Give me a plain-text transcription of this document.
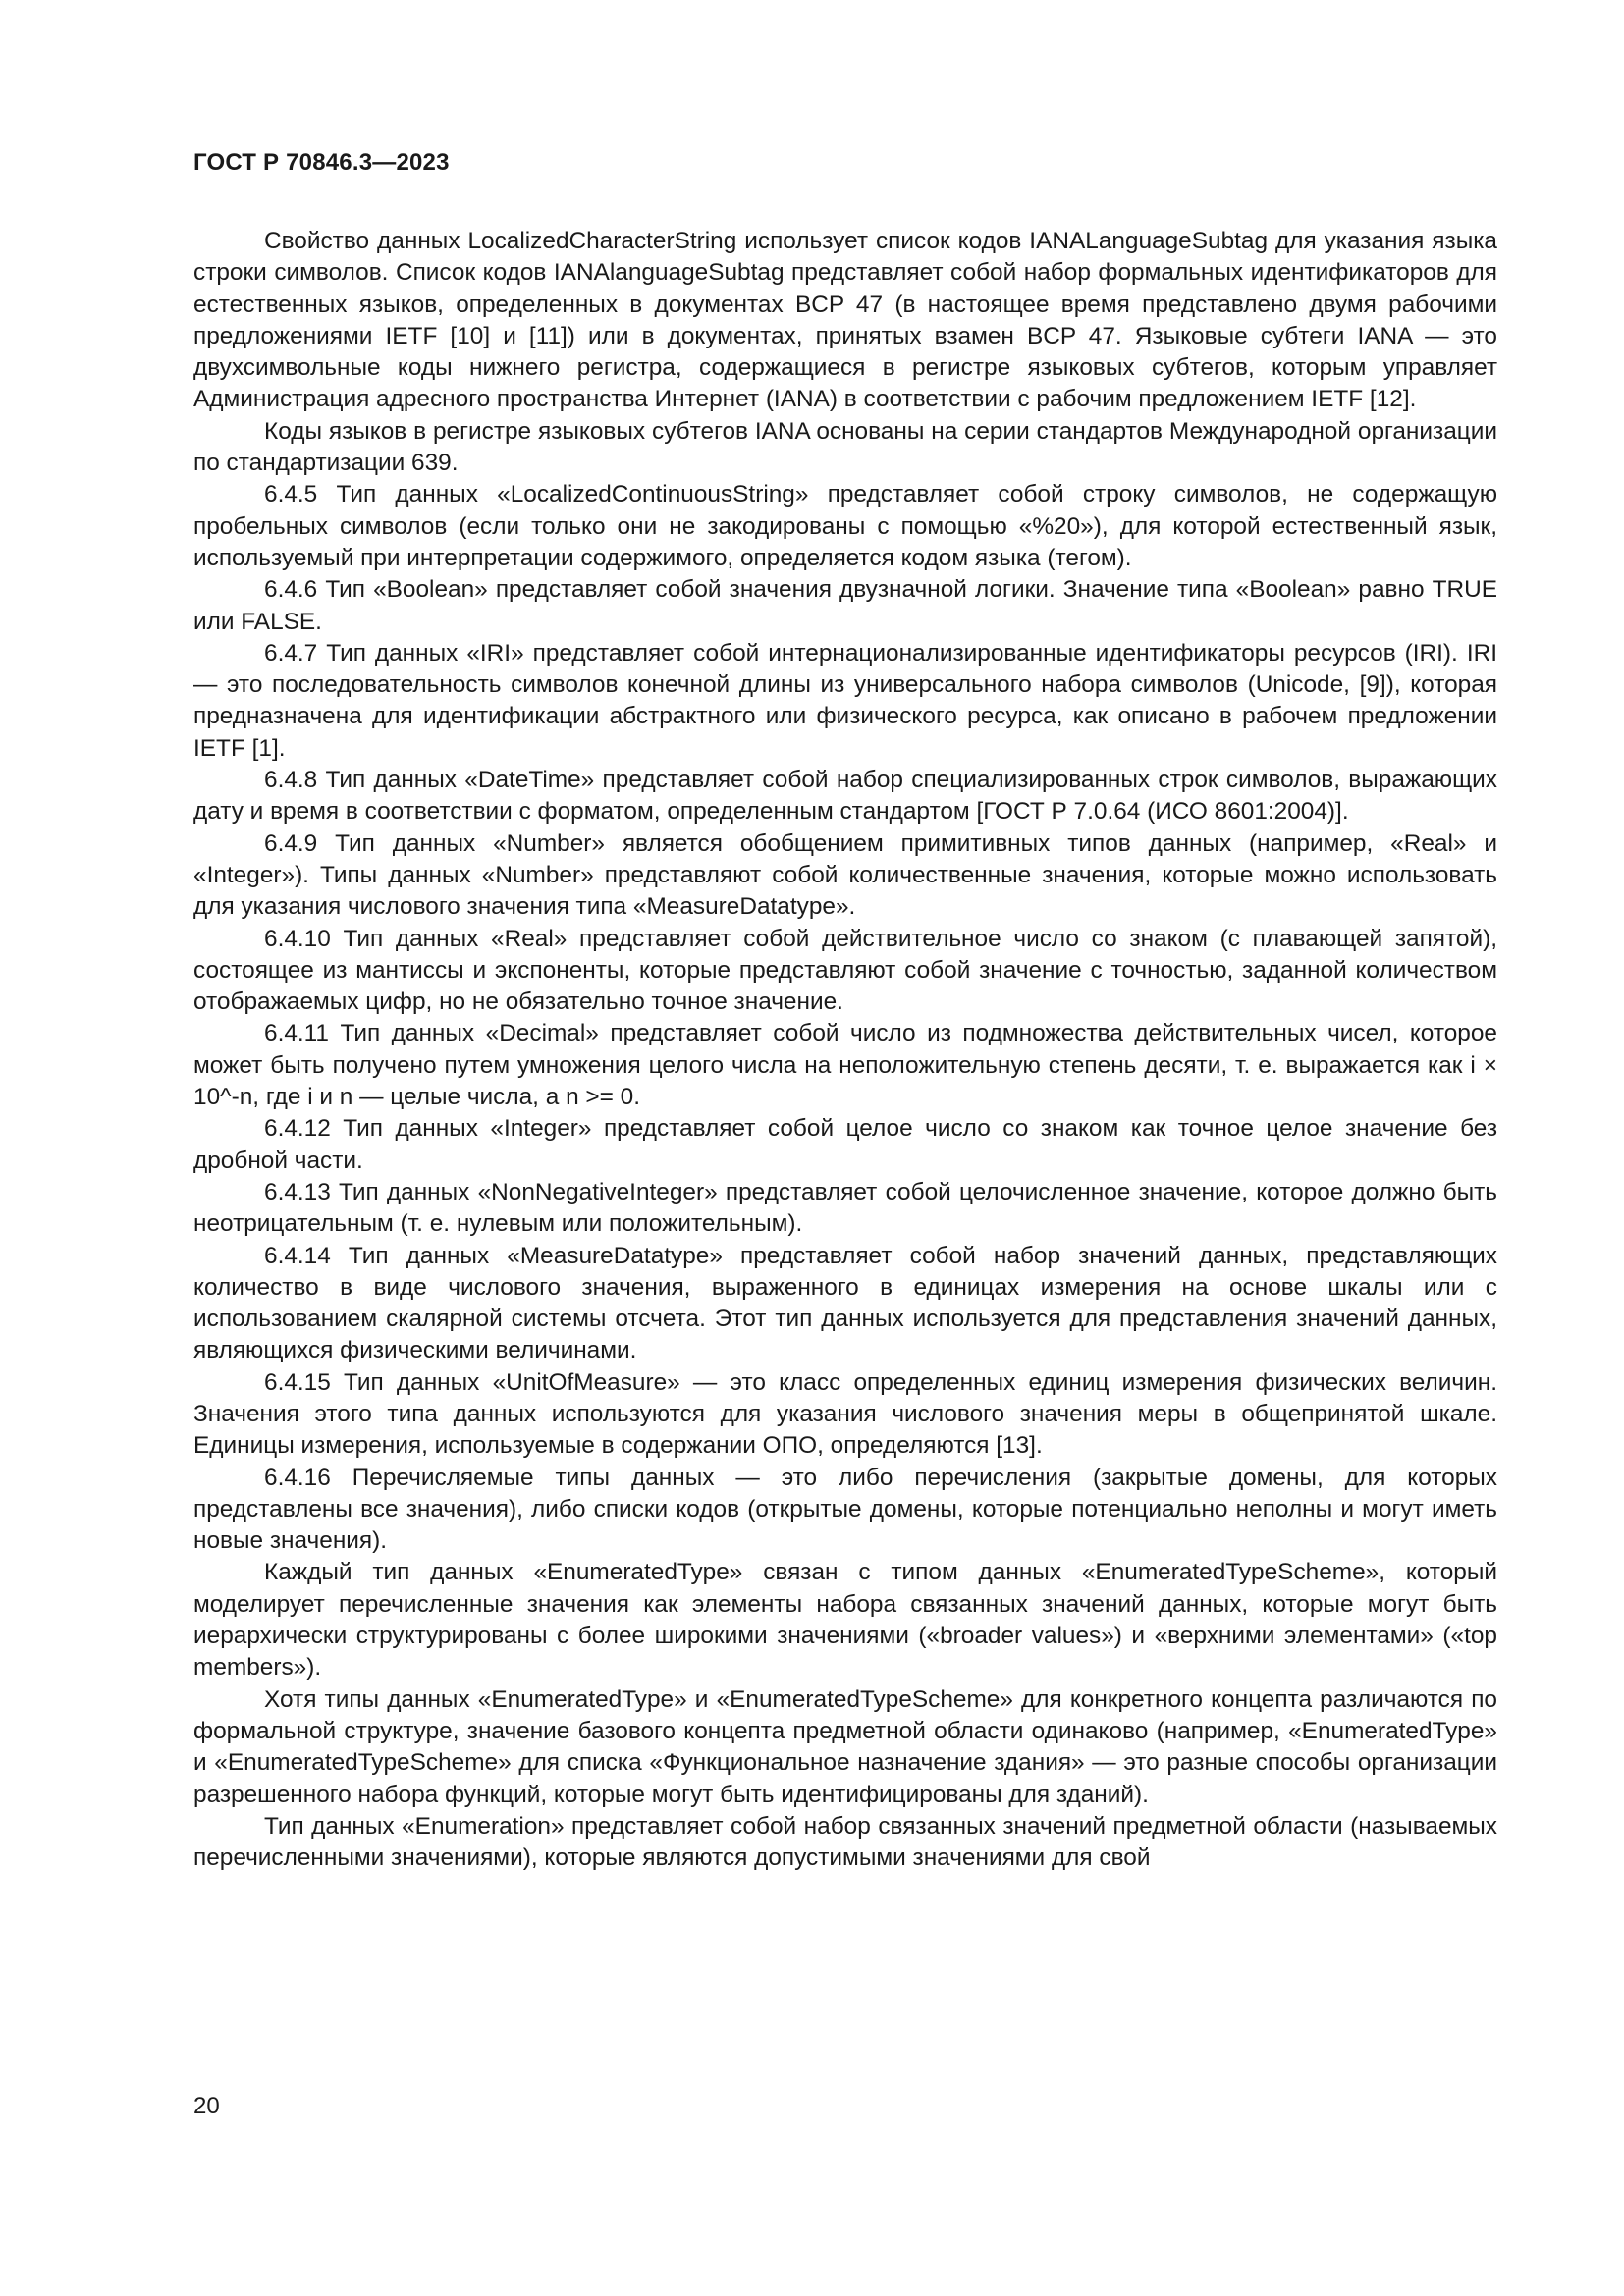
ГОСТ Р 70846.3—2023

Свойство данных LocalizedCharacterString использует список кодов IANALanguageSubtag для указания языка строки символов. Список кодов IANAlanguageSubtag представляет собой набор формальных идентификаторов для естественных языков, определенных в документах BCP 47 (в настоящее время представлено двумя рабочими предложениями IETF [10] и [11]) или в документах, принятых взамен BCP 47. Языковые субтеги IANA — это двухсимвольные коды нижнего регистра, содержащиеся в регистре языковых субтегов, которым управляет Администрация адресного пространства Интернет (IANA) в соответствии с рабочим предложением IETF [12].

Коды языков в регистре языковых субтегов IANA основаны на серии стандартов Международной организации по стандартизации 639.

6.4.5 Тип данных «LocalizedContinuousString» представляет собой строку символов, не содержащую пробельных символов (если только они не закодированы с помощью «%20»), для которой естественный язык, используемый при интерпретации содержимого, определяется кодом языка (тегом).

6.4.6 Тип «Boolean» представляет собой значения двузначной логики. Значение типа «Boolean» равно TRUE или FALSE.

6.4.7 Тип данных «IRI» представляет собой интернационализированные идентификаторы ресурсов (IRI). IRI — это последовательность символов конечной длины из универсального набора символов (Unicode, [9]), которая предназначена для идентификации абстрактного или физического ресурса, как описано в рабочем предложении IETF [1].

6.4.8 Тип данных «DateTime» представляет собой набор специализированных строк символов, выражающих дату и время в соответствии с форматом, определенным стандартом [ГОСТ Р 7.0.64 (ИСО 8601:2004)].

6.4.9 Тип данных «Number» является обобщением примитивных типов данных (например, «Real» и «Integer»). Типы данных «Number» представляют собой количественные значения, которые можно использовать для указания числового значения типа «MeasureDatatype».

6.4.10 Тип данных «Real» представляет собой действительное число со знаком (с плавающей запятой), состоящее из мантиссы и экспоненты, которые представляют собой значение с точностью, заданной количеством отображаемых цифр, но не обязательно точное значение.

6.4.11 Тип данных «Decimal» представляет собой число из подмножества действительных чисел, которое может быть получено путем умножения целого числа на неположительную степень десяти, т. е. выражается как i × 10^-n, где i и n — целые числа, а n >= 0.

6.4.12 Тип данных «Integer» представляет собой целое число со знаком как точное целое значение без дробной части.

6.4.13 Тип данных «NonNegativeInteger» представляет собой целочисленное значение, которое должно быть неотрицательным (т. е. нулевым или положительным).

6.4.14 Тип данных «MeasureDatatype» представляет собой набор значений данных, представляющих количество в виде числового значения, выраженного в единицах измерения на основе шкалы или с использованием скалярной системы отсчета. Этот тип данных используется для представления значений данных, являющихся физическими величинами.

6.4.15 Тип данных «UnitOfMeasure» — это класс определенных единиц измерения физических величин. Значения этого типа данных используются для указания числового значения меры в общепринятой шкале. Единицы измерения, используемые в содержании ОПО, определяются [13].

6.4.16 Перечисляемые типы данных — это либо перечисления (закрытые домены, для которых представлены все значения), либо списки кодов (открытые домены, которые потенциально неполны и могут иметь новые значения).

Каждый тип данных «EnumeratedType» связан с типом данных «EnumeratedTypeScheme», который моделирует перечисленные значения как элементы набора связанных значений данных, которые могут быть иерархически структурированы с более широкими значениями («broader values») и «верхними элементами» («top members»).

Хотя типы данных «EnumeratedType» и «EnumeratedTypeScheme» для конкретного концепта различаются по формальной структуре, значение базового концепта предметной области одинаково (например, «EnumeratedType» и «EnumeratedTypeScheme» для списка «Функциональное назначение здания» — это разные способы организации разрешенного набора функций, которые могут быть идентифицированы для зданий).

Тип данных «Enumeration» представляет собой набор связанных значений предметной области (называемых перечисленными значениями), которые являются допустимыми значениями для свой

20
